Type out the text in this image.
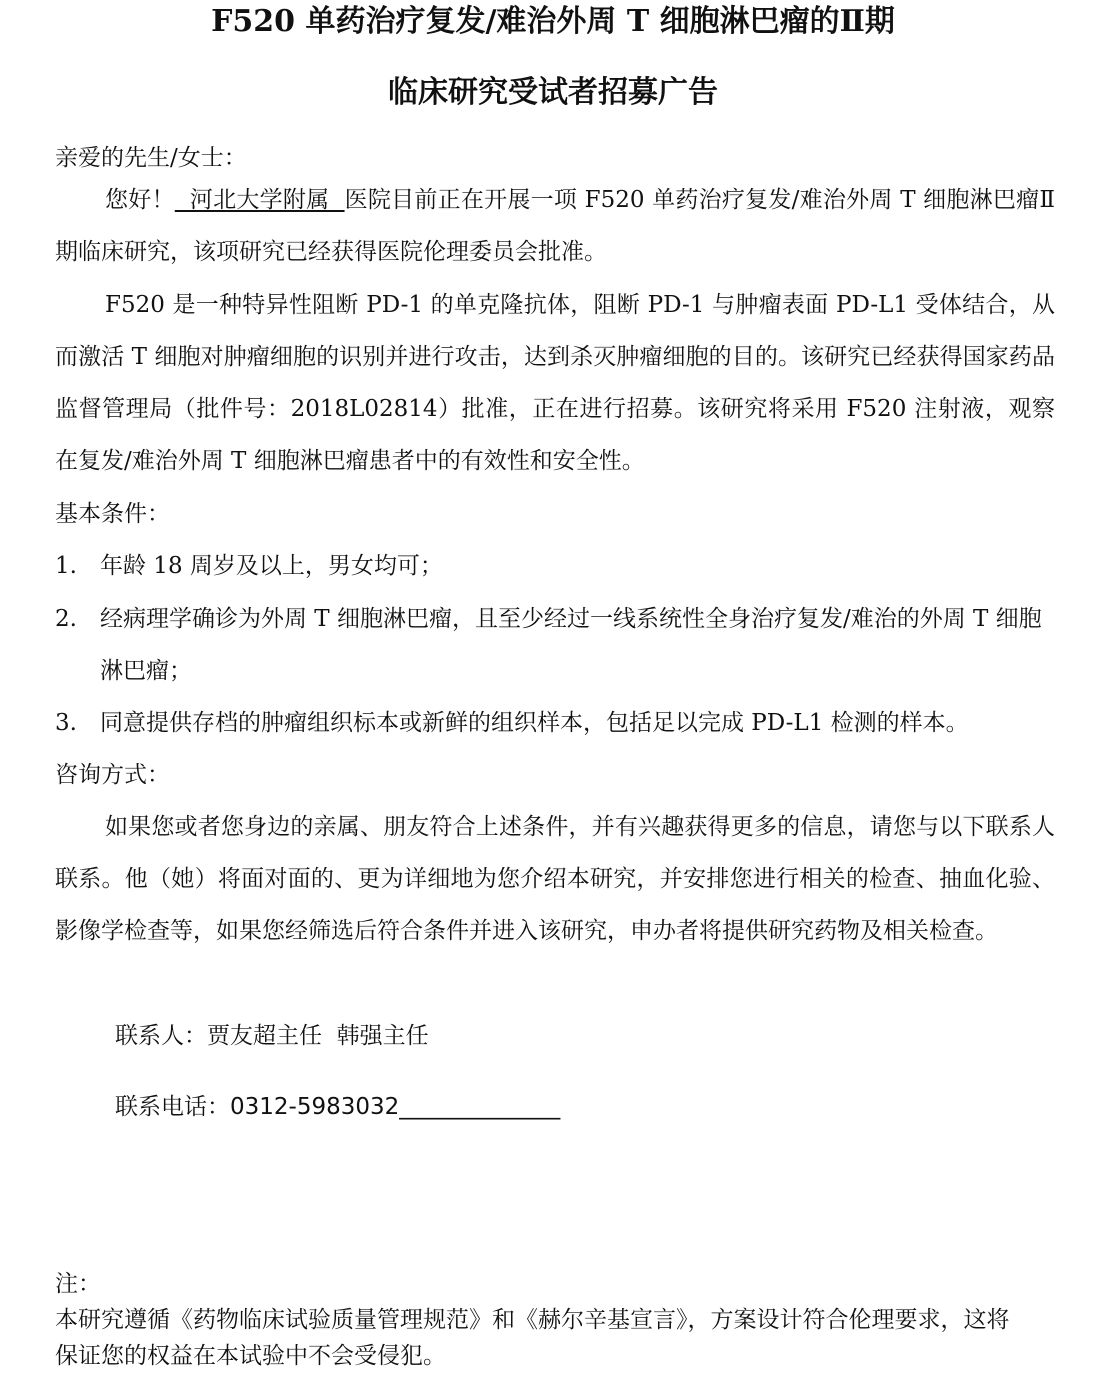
F520 单药治疗复发/难治外周 T 细胞淋巴瘤的Ⅱ期
临床研究受试者招募广告
亲爱的先生/女士：
您好！  河北大学附属  医院目前正在开展一项 F520 单药治疗复发/难治外周 T 细胞淋巴瘤Ⅱ期临床研究，该项研究已经获得医院伦理委员会批准。
F520 是一种特异性阻断 PD-1 的单克隆抗体，阻断 PD-1 与肿瘤表面 PD-L1 受体结合，从而激活 T 细胞对肿瘤细胞的识别并进行攻击，达到杀灭肿瘤细胞的目的。该研究已经获得国家药品监督管理局（批件号：2018L02814）批准，正在进行招募。该研究将采用 F520 注射液，观察在复发/难治外周 T 细胞淋巴瘤患者中的有效性和安全性。
基本条件：
1. 年龄 18 周岁及以上，男女均可；
2. 经病理学确诊为外周 T 细胞淋巴瘤，且至少经过一线系统性全身治疗复发/难治的外周 T 细胞淋巴瘤；
3. 同意提供存档的肿瘤组织标本或新鲜的组织样本，包括足以完成 PD-L1 检测的样本。
咨询方式：
如果您或者您身边的亲属、朋友符合上述条件，并有兴趣获得更多的信息，请您与以下联系人联系。他（她）将面对面的、更为详细地为您介绍本研究，并安排您进行相关的检查、抽血化验、影像学检查等，如果您经筛选后符合条件并进入该研究，申办者将提供研究药物及相关检查。
联系人：贾友超主任  韩强主任
联系电话：0312-5983032______________
注：
本研究遵循《药物临床试验质量管理规范》和《赫尔辛基宣言》，方案设计符合伦理要求，这将保证您的权益在本试验中不会受侵犯。
